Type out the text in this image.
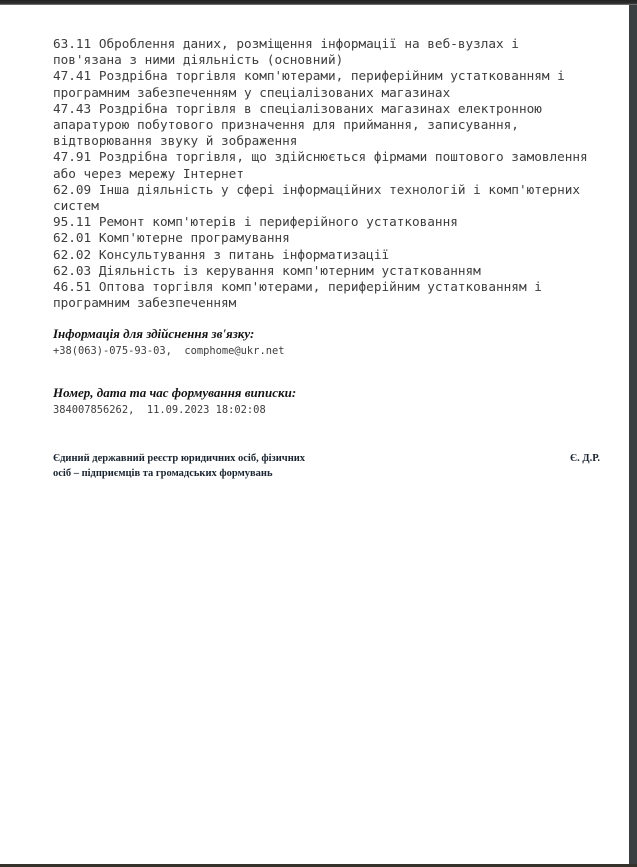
63.11 Оброблення даних, розміщення інформації на веб-вузлах і пов'язана з ними діяльність (основний)
47.41 Роздрібна торгівля комп'ютерами, периферійним устаткованням і програмним забезпеченням у спеціалізованих магазинах
47.43 Роздрібна торгівля в спеціалізованих магазинах електронною апаратурою побутового призначення для приймання, записування, відтворювання звуку й зображення
47.91 Роздрібна торгівля, що здійснюється фірмами поштового замовлення або через мережу Інтернет
62.09 Інша діяльність у сфері інформаційних технологій і комп'ютерних систем
95.11 Ремонт комп'ютерів і периферійного устатковання
62.01 Комп'ютерне програмування
62.02 Консультування з питань інформатизації
62.03 Діяльність із керування комп'ютерним устаткованням
46.51 Оптова торгівля комп'ютерами, периферійним устаткованням і програмним забезпеченням
Інформація для здійснення зв'язку:
+38(063)-075-93-03,  comphome@ukr.net
Номер, дата та час формування виписки:
384007856262,  11.09.2023 18:02:08
Єдиний державний реєстр юридичних осіб, фізичних
осіб – підприємців та громадських формувань
Є. Д.Р.
